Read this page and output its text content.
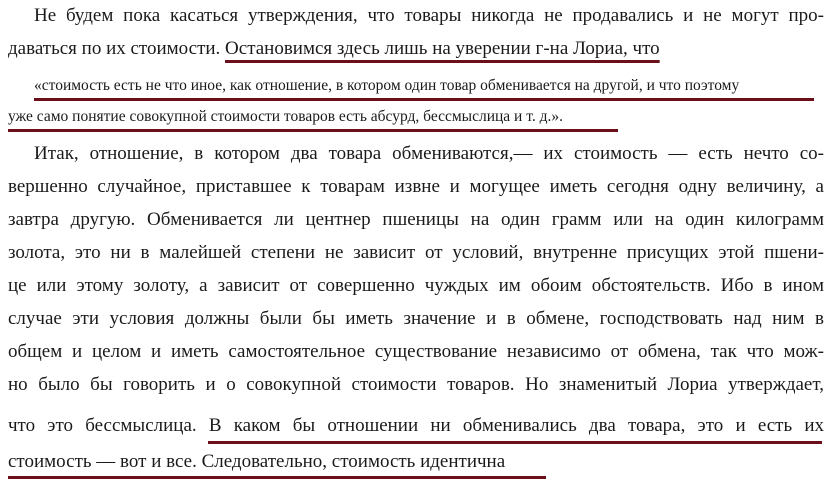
Не будем пока касаться утверждения, что товары никогда не продавались и не могут про-
даваться по их стоимости. Остановимся здесь лишь на уверении г-на Лориа, что
«стоимость есть не что иное, как отношение, в котором один товар обменивается на другой, и что поэтому
уже само понятие совокупной стоимости товаров есть абсурд, бессмыслица и т. д.».
Итак, отношение, в котором два товара обмениваются,— их стоимость — есть нечто со-
вершенно случайное, приставшее к товарам извне и могущее иметь сегодня одну величину, а
завтра другую. Обменивается ли центнер пшеницы на один грамм или на один килограмм
золота, это ни в малейшей степени не зависит от условий, внутренне присущих этой пшени-
це или этому золоту, а зависит от совершенно чуждых им обоим обстоятельств. Ибо в ином
случае эти условия должны были бы иметь значение и в обмене, господствовать над ним в
общем и целом и иметь самостоятельное существование независимо от обмена, так что мож-
но было бы говорить и о совокупной стоимости товаров. Но знаменитый Лориа утверждает,
что это бессмыслица. В каком бы отношении ни обменивались два товара, это и есть их
стоимость — вот и все. Следовательно, стоимость идентична
